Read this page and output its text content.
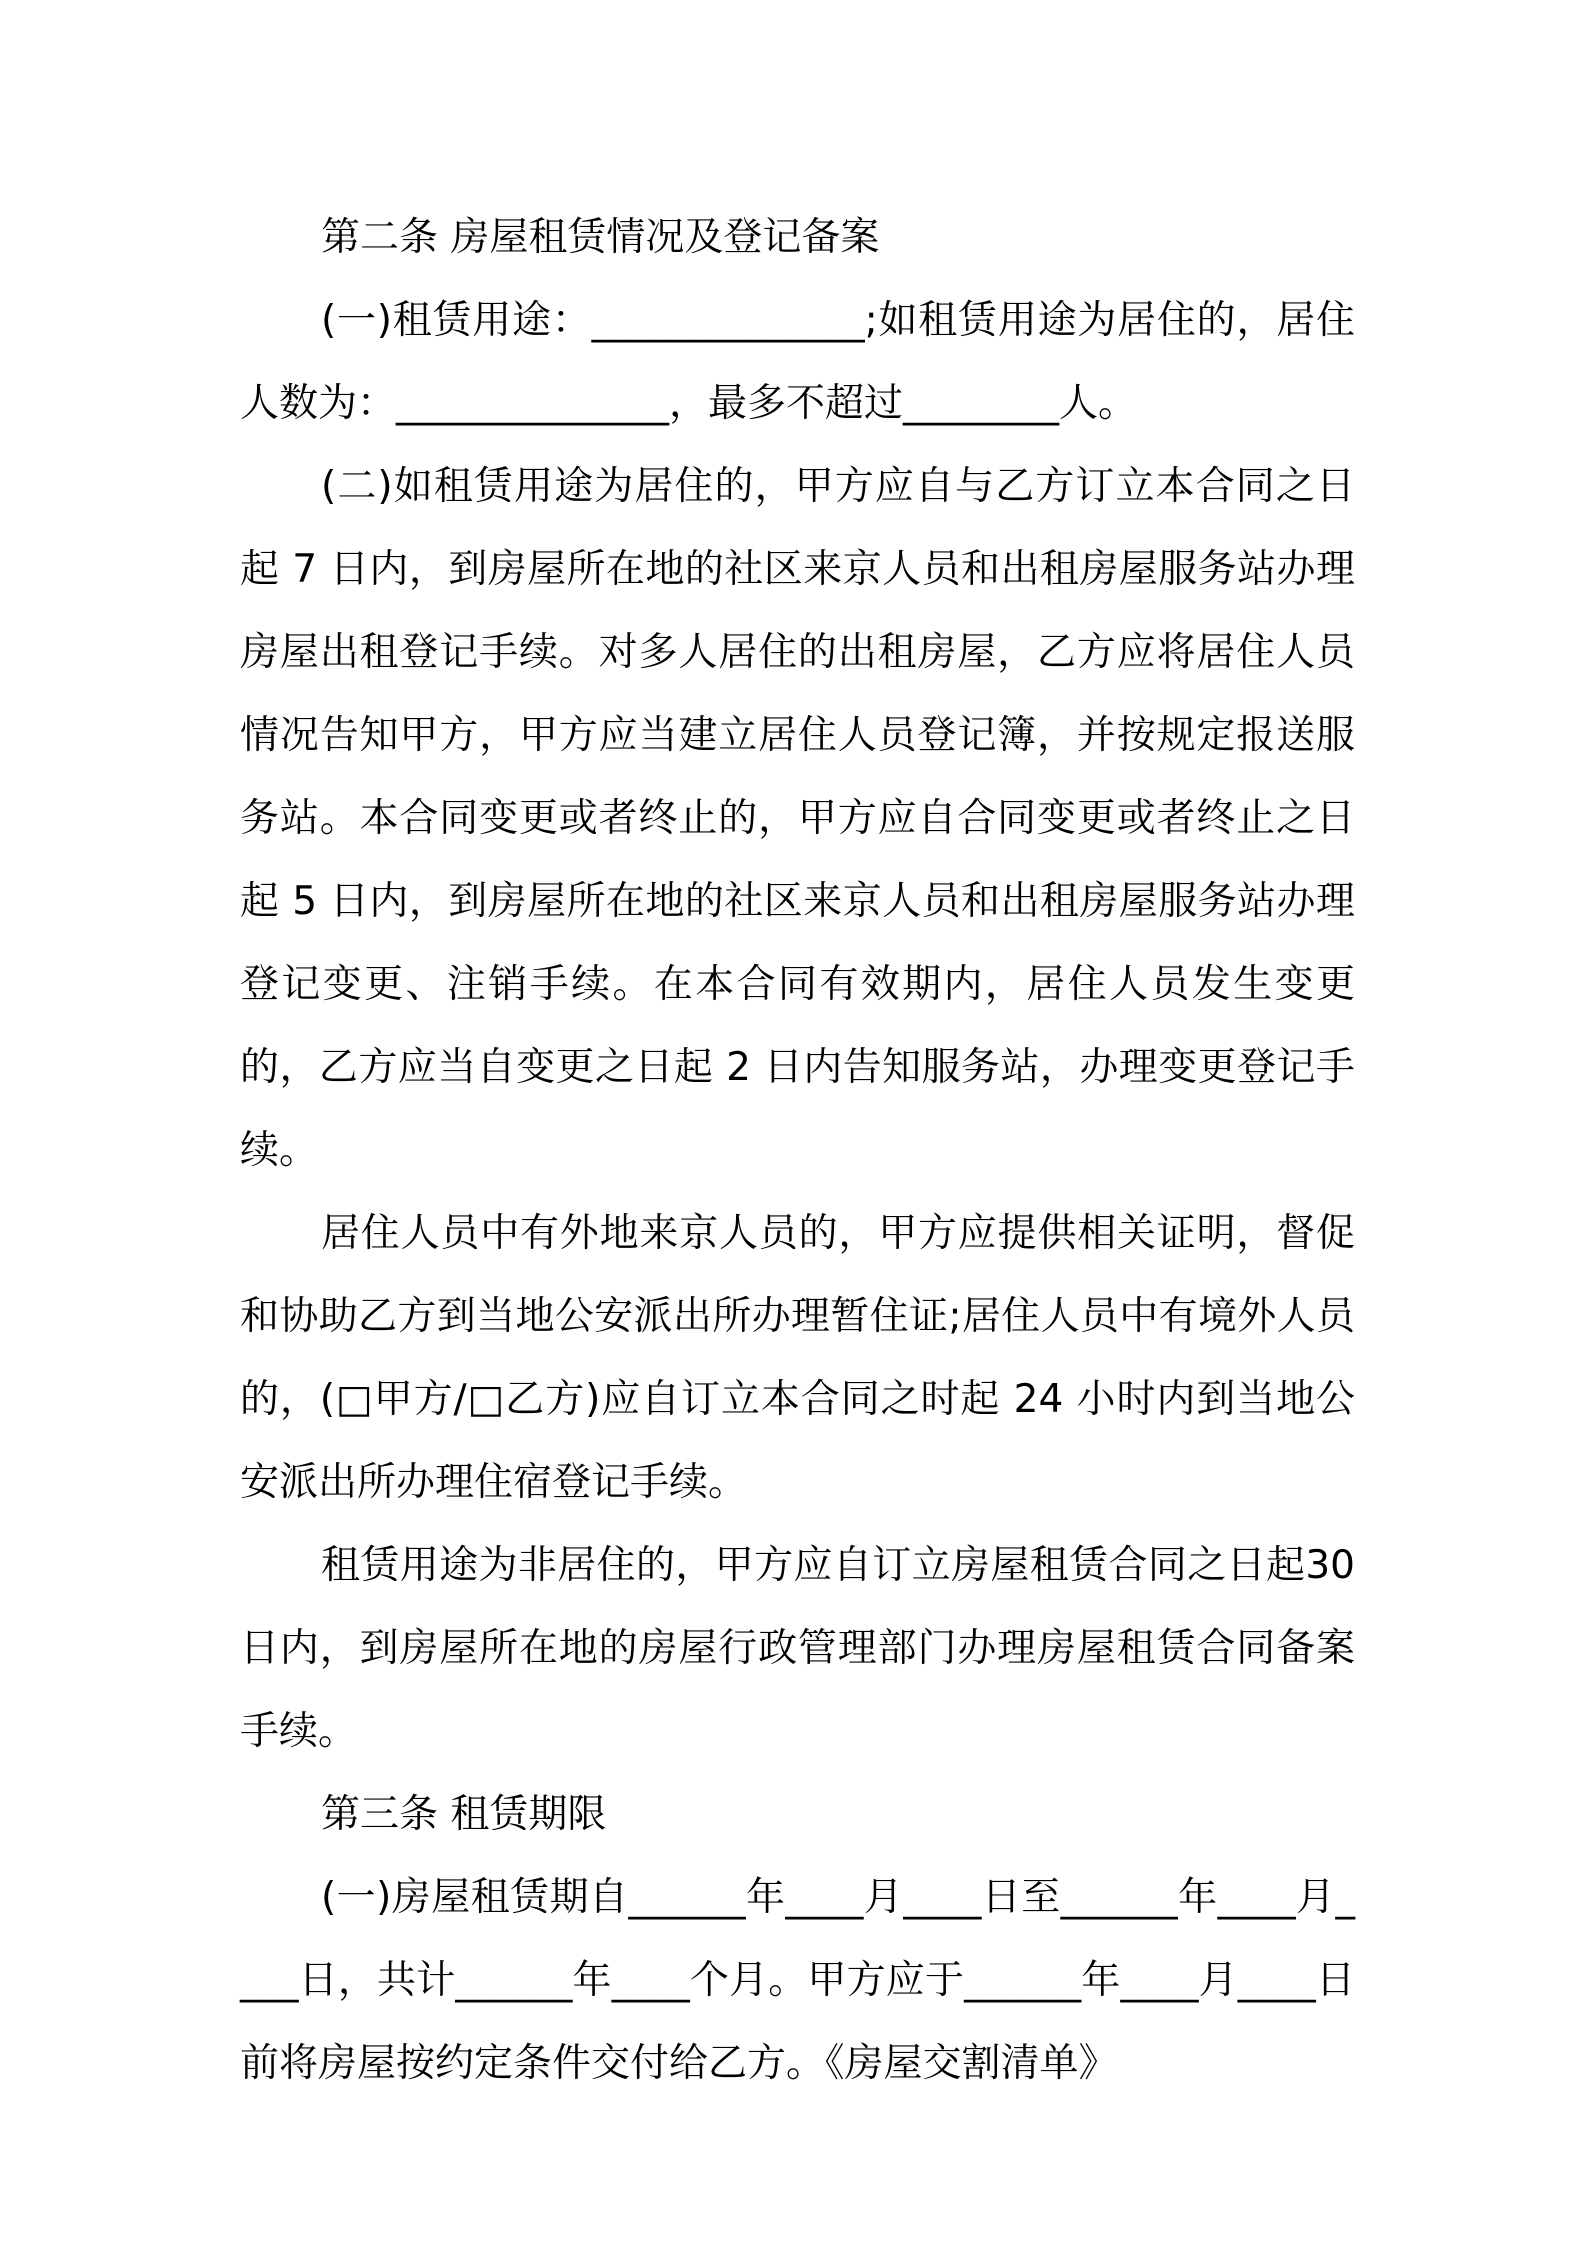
第二条 房屋租赁情况及登记备案

(一)租赁用途：______________;如租赁用途为居住的，居住人数为：______________，最多不超过________人。

(二)如租赁用途为居住的，甲方应自与乙方订立本合同之日起 7 日内，到房屋所在地的社区来京人员和出租房屋服务站办理房屋出租登记手续。对多人居住的出租房屋，乙方应将居住人员情况告知甲方，甲方应当建立居住人员登记簿，并按规定报送服务站。本合同变更或者终止的，甲方应自合同变更或者终止之日起 5 日内，到房屋所在地的社区来京人员和出租房屋服务站办理登记变更、注销手续。在本合同有效期内，居住人员发生变更的，乙方应当自变更之日起 2 日内告知服务站，办理变更登记手续。

居住人员中有外地来京人员的，甲方应提供相关证明，督促和协助乙方到当地公安派出所办理暂住证;居住人员中有境外人员的，(□甲方/□乙方)应自订立本合同之时起 24 小时内到当地公安派出所办理住宿登记手续。

租赁用途为非居住的，甲方应自订立房屋租赁合同之日起30 日内，到房屋所在地的房屋行政管理部门办理房屋租赁合同备案手续。

第三条 租赁期限

(一)房屋租赁期自______年____月____日至______年____月____日，共计______年____个月。甲方应于______年____月____日前将房屋按约定条件交付给乙方。《房屋交割清单》
